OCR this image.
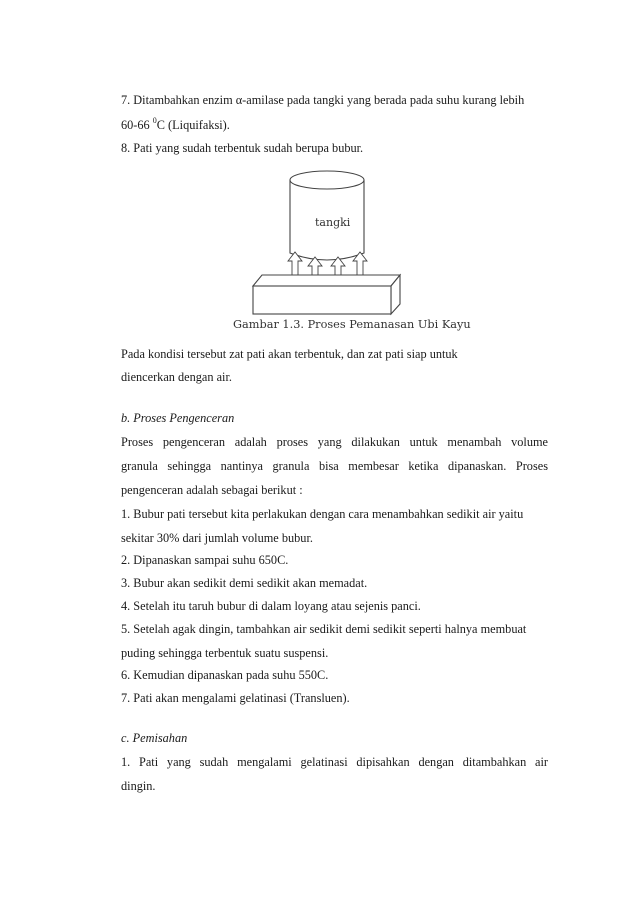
7. Ditambahkan enzim α-amilase pada tangki yang berada pada suhu kurang lebih
60-66 $^0$C (Liquifaksi).
8. Pati yang sudah terbentuk sudah berupa bubur.
tangki
Gambar 1.3. Proses Pemanasan Ubi Kayu
Pada kondisi tersebut zat pati akan terbentuk, dan zat pati siap untuk
diencerkan dengan air.
b. Proses Pengenceran
Proses pengenceran adalah proses yang dilakukan untuk menambah volume
granula sehingga nantinya granula bisa membesar ketika dipanaskan. Proses
pengenceran adalah sebagai berikut :
1. Bubur pati tersebut kita perlakukan dengan cara menambahkan sedikit air yaitu
sekitar 30% dari jumlah volume bubur.
2. Dipanaskan sampai suhu 650C.
3. Bubur akan sedikit demi sedikit akan memadat.
4. Setelah itu taruh bubur di dalam loyang atau sejenis panci.
5. Setelah agak dingin, tambahkan air sedikit demi sedikit seperti halnya membuat
puding sehingga terbentuk suatu suspensi.
6. Kemudian dipanaskan pada suhu 550C.
7. Pati akan mengalami gelatinasi (Transluen).
c. Pemisahan
1. Pati yang sudah mengalami gelatinasi dipisahkan dengan ditambahkan air
dingin.
